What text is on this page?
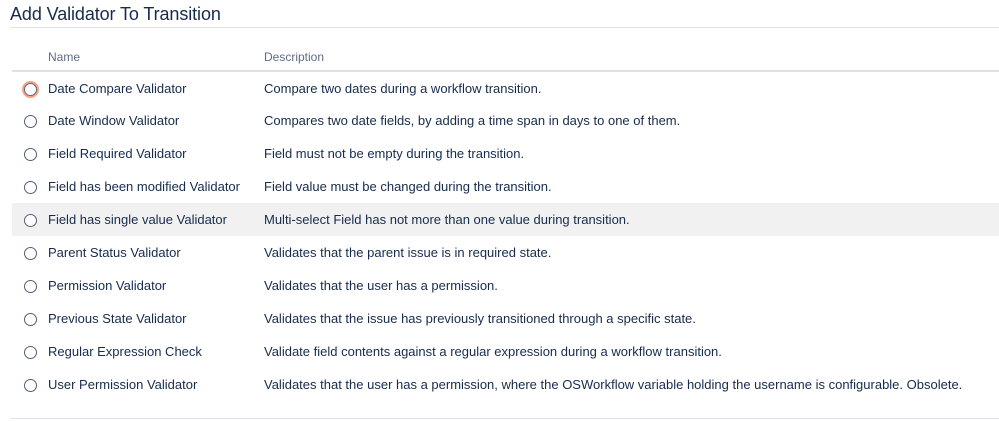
Add Validator To Transition
	Name	Description
	Date Compare Validator	Compare two dates during a workflow transition.
	Date Window Validator	Compares two date fields, by adding a time span in days to one of them.
	Field Required Validator	Field must not be empty during the transition.
	Field has been modified Validator	Field value must be changed during the transition.
	Field has single value Validator	Multi-select Field has not more than one value during transition.
	Parent Status Validator	Validates that the parent issue is in required state.
	Permission Validator	Validates that the user has a permission.
	Previous State Validator	Validates that the issue has previously transitioned through a specific state.
	Regular Expression Check	Validate field contents against a regular expression during a workflow transition.
	User Permission Validator	Validates that the user has a permission, where the OSWorkflow variable holding the username is configurable. Obsolete.
